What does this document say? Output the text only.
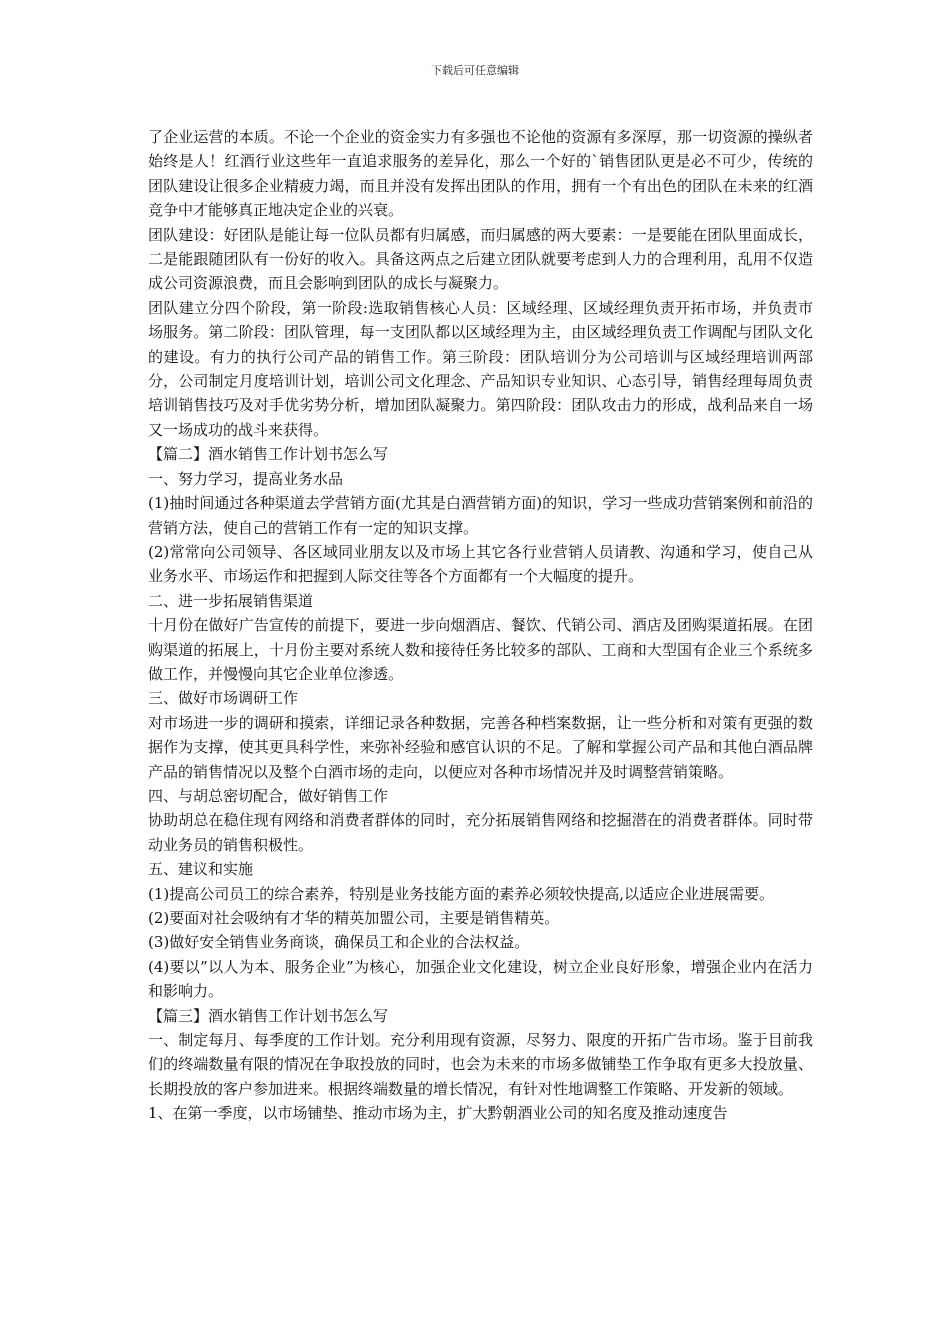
下载后可任意编辑

了企业运营的本质。不论一个企业的资金实力有多强也不论他的资源有多深厚，那一切资源的操纵者始终是人！红酒行业这些年一直追求服务的差异化，那么一个好的`销售团队更是必不可少，传统的团队建设让很多企业精疲力竭，而且并没有发挥出团队的作用，拥有一个有出色的团队在未来的红酒竞争中才能够真正地决定企业的兴衰。

团队建设：好团队是能让每一位队员都有归属感，而归属感的两大要素：一是要能在团队里面成长，二是能跟随团队有一份好的收入。具备这两点之后建立团队就要考虑到人力的合理利用，乱用不仅造成公司资源浪费，而且会影响到团队的成长与凝聚力。

团队建立分四个阶段，第一阶段:选取销售核心人员：区域经理、区域经理负责开拓市场，并负责市场服务。第二阶段：团队管理，每一支团队都以区域经理为主，由区域经理负责工作调配与团队文化的建设。有力的执行公司产品的销售工作。第三阶段：团队培训分为公司培训与区域经理培训两部分，公司制定月度培训计划，培训公司文化理念、产品知识专业知识、心态引导，销售经理每周负责培训销售技巧及对手优劣势分析，增加团队凝聚力。第四阶段：团队攻击力的形成，战利品来自一场又一场成功的战斗来获得。

【篇二】酒水销售工作计划书怎么写

一、努力学习，提高业务水品

(1)抽时间通过各种渠道去学营销方面(尤其是白酒营销方面)的知识，学习一些成功营销案例和前沿的营销方法，使自己的营销工作有一定的知识支撑。

(2)常常向公司领导、各区域同业朋友以及市场上其它各行业营销人员请教、沟通和学习，使自己从业务水平、市场运作和把握到人际交往等各个方面都有一个大幅度的提升。

二、进一步拓展销售渠道

十月份在做好广告宣传的前提下，要进一步向烟酒店、餐饮、代销公司、酒店及团购渠道拓展。在团购渠道的拓展上，十月份主要对系统人数和接待任务比较多的部队、工商和大型国有企业三个系统多做工作，并慢慢向其它企业单位渗透。

三、做好市场调研工作

对市场进一步的调研和摸索，详细记录各种数据，完善各种档案数据，让一些分析和对策有更强的数据作为支撑，使其更具科学性，来弥补经验和感官认识的不足。了解和掌握公司产品和其他白酒品牌产品的销售情况以及整个白酒市场的走向，以便应对各种市场情况并及时调整营销策略。

四、与胡总密切配合，做好销售工作

协助胡总在稳住现有网络和消费者群体的同时，充分拓展销售网络和挖掘潜在的消费者群体。同时带动业务员的销售积极性。

五、建议和实施

(1)提高公司员工的综合素养，特别是业务技能方面的素养必须较快提高,以适应企业进展需要。

(2)要面对社会吸纳有才华的精英加盟公司，主要是销售精英。

(3)做好安全销售业务商谈，确保员工和企业的合法权益。

(4)要以”以人为本、服务企业”为核心，加强企业文化建设，树立企业良好形象，增强企业内在活力和影响力。

【篇三】酒水销售工作计划书怎么写

一、制定每月、每季度的工作计划。充分利用现有资源，尽努力、限度的开拓广告市场。鉴于目前我们的终端数量有限的情况在争取投放的同时，也会为未来的市场多做铺垫工作争取有更多大投放量、长期投放的客户参加进来。根据终端数量的增长情况，有针对性地调整工作策略、开发新的领域。

1、在第一季度，以市场铺垫、推动市场为主，扩大黔朝酒业公司的知名度及推动速度告
